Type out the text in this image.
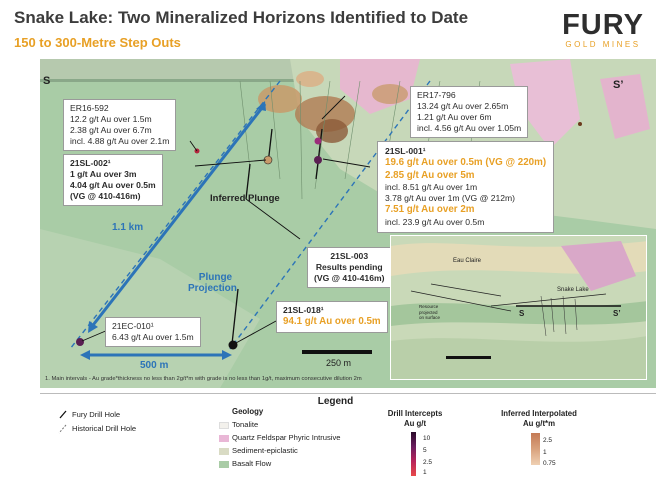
Snake Lake: Two Mineralized Horizons Identified to Date
150 to 300-Metre Step Outs
FURY
GOLD MINES
S	S’
Inferred Plunge
1.1 km
Plunge
Projection
500 m	250 m
ER16-592
12.2 g/t Au over 1.5m
2.38 g/t Au over 6.7m
incl. 4.88 g/t Au over 2.1m
ER17-796
13.24 g/t Au over 2.65m
1.21 g/t Au over 6m
incl. 4.56 g/t Au over 1.05m
21SL-002¹
1 g/t Au over 3m
4.04 g/t Au over 0.5m
(VG @ 410-416m)
21SL-001¹
19.6 g/t Au over 0.5m (VG @ 220m)
2.85 g/t Au over 5m
incl. 8.51 g/t Au over 1m
3.78 g/t Au over 1m (VG @ 212m)
7.51 g/t Au over 2m
incl. 23.9 g/t Au over 0.5m
21SL-003
Results pending
(VG @ 410-416m)
21EC-010¹
6.43 g/t Au over 1.5m
21SL-018¹
94.1 g/t Au over 0.5m
1. Main intervals - Au grade*thickness no less than 2g/t*m with grade is no less than 1g/t, maximum consecutive dilution 2m
Eau Claire
Snake Lake
S	S’
Resource
projected
on surface
Legend
Fury Drill Hole
Historical Drill Hole
Geology
Tonalite
Quartz Feldspar Phyric Intrusive
Sediment-epiclastic
Basalt Flow
Drill Intercepts
Au g/t
10
5
2.5
1
Inferred Interpolated
Au g/t*m
2.5
1
0.75
